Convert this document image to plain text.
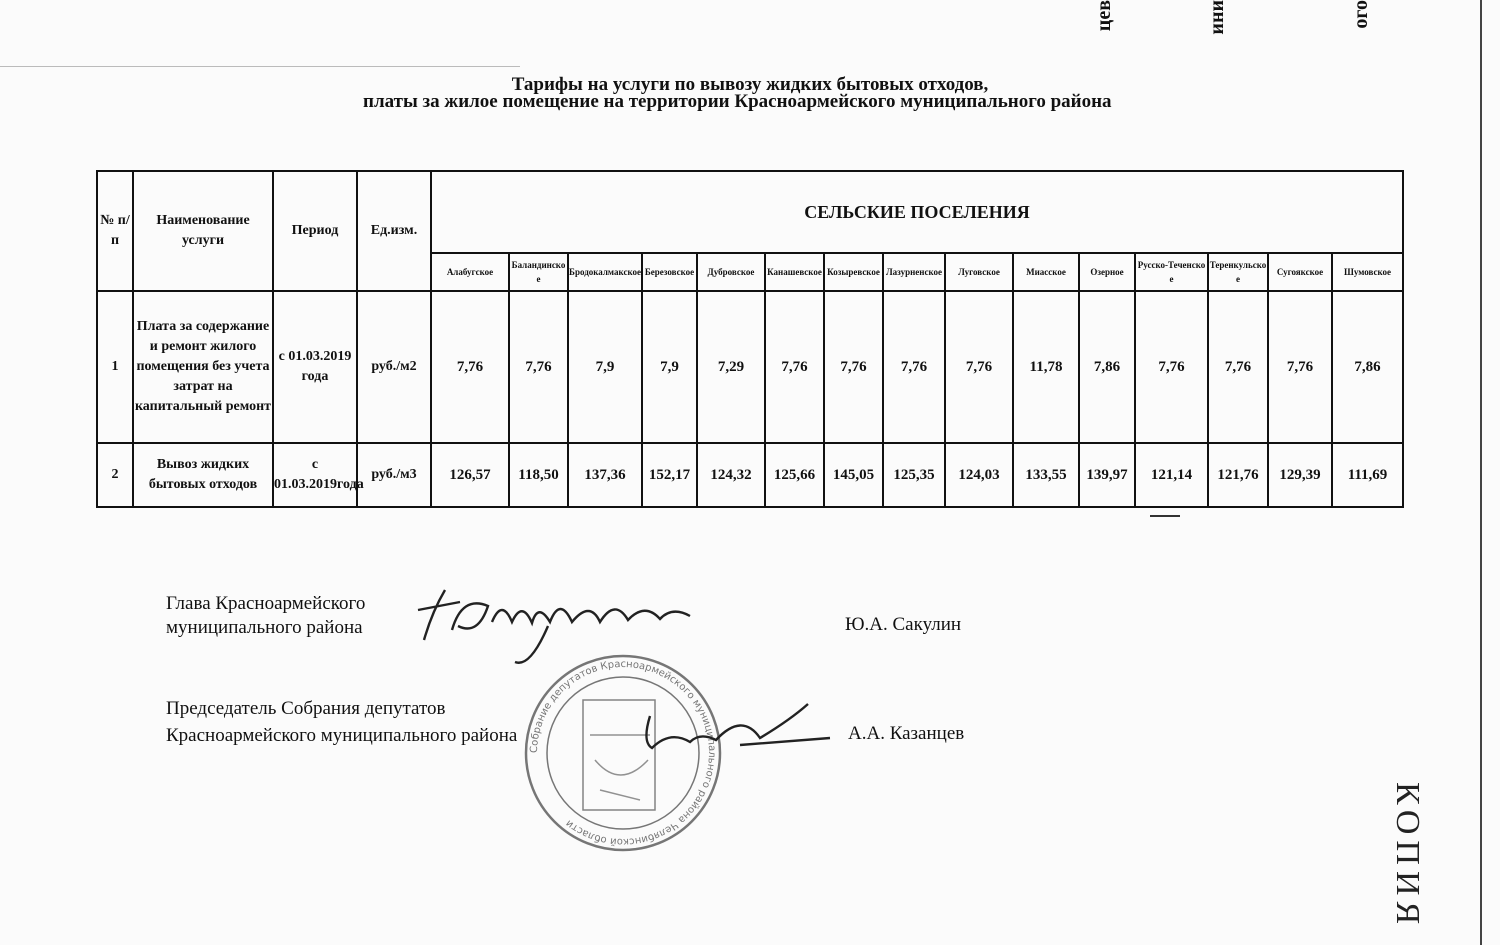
цев	ини	ого
Тарифы на услуги по вывозу жидких бытовых отходов,
платы за жилое помещение на территории Красноармейского муниципального района
№ п/п	Наименование услуги	Период	Ед.изм.	СЕЛЬСКИЕ ПОСЕЛЕНИЯ														
				Алабугское	Баландинское	Бродокалмакское	Березовское	Дубровское	Канашевское	Козыревское	Лазурненское	Луговское	Миасское	Озерное	Русско-Теченское	Теренкульское	Сугоякское	Шумовское
1	Плата за содержание и ремонт жилого помещения без учета затрат на капитальный ремонт	с 01.03.2019 года	руб./м2	7,76	7,76	7,9	7,9	7,29	7,76	7,76	7,76	7,76	11,78	7,86	7,76	7,76	7,76	7,86
2	Вывоз жидких бытовых отходов	с 01.03.2019года	руб./м3	126,57	118,50	137,36	152,17	124,32	125,66	145,05	125,35	124,03	133,55	139,97	121,14	121,76	129,39	111,69
Собрание депутатов Красноармейского муниципального района Челябинской области
Глава Красноармейского
муниципального района	Ю.А. Сакулин
Председатель Собрания депутатов
Красноармейского муниципального района	А.А. Казанцев
КОПИЯ
